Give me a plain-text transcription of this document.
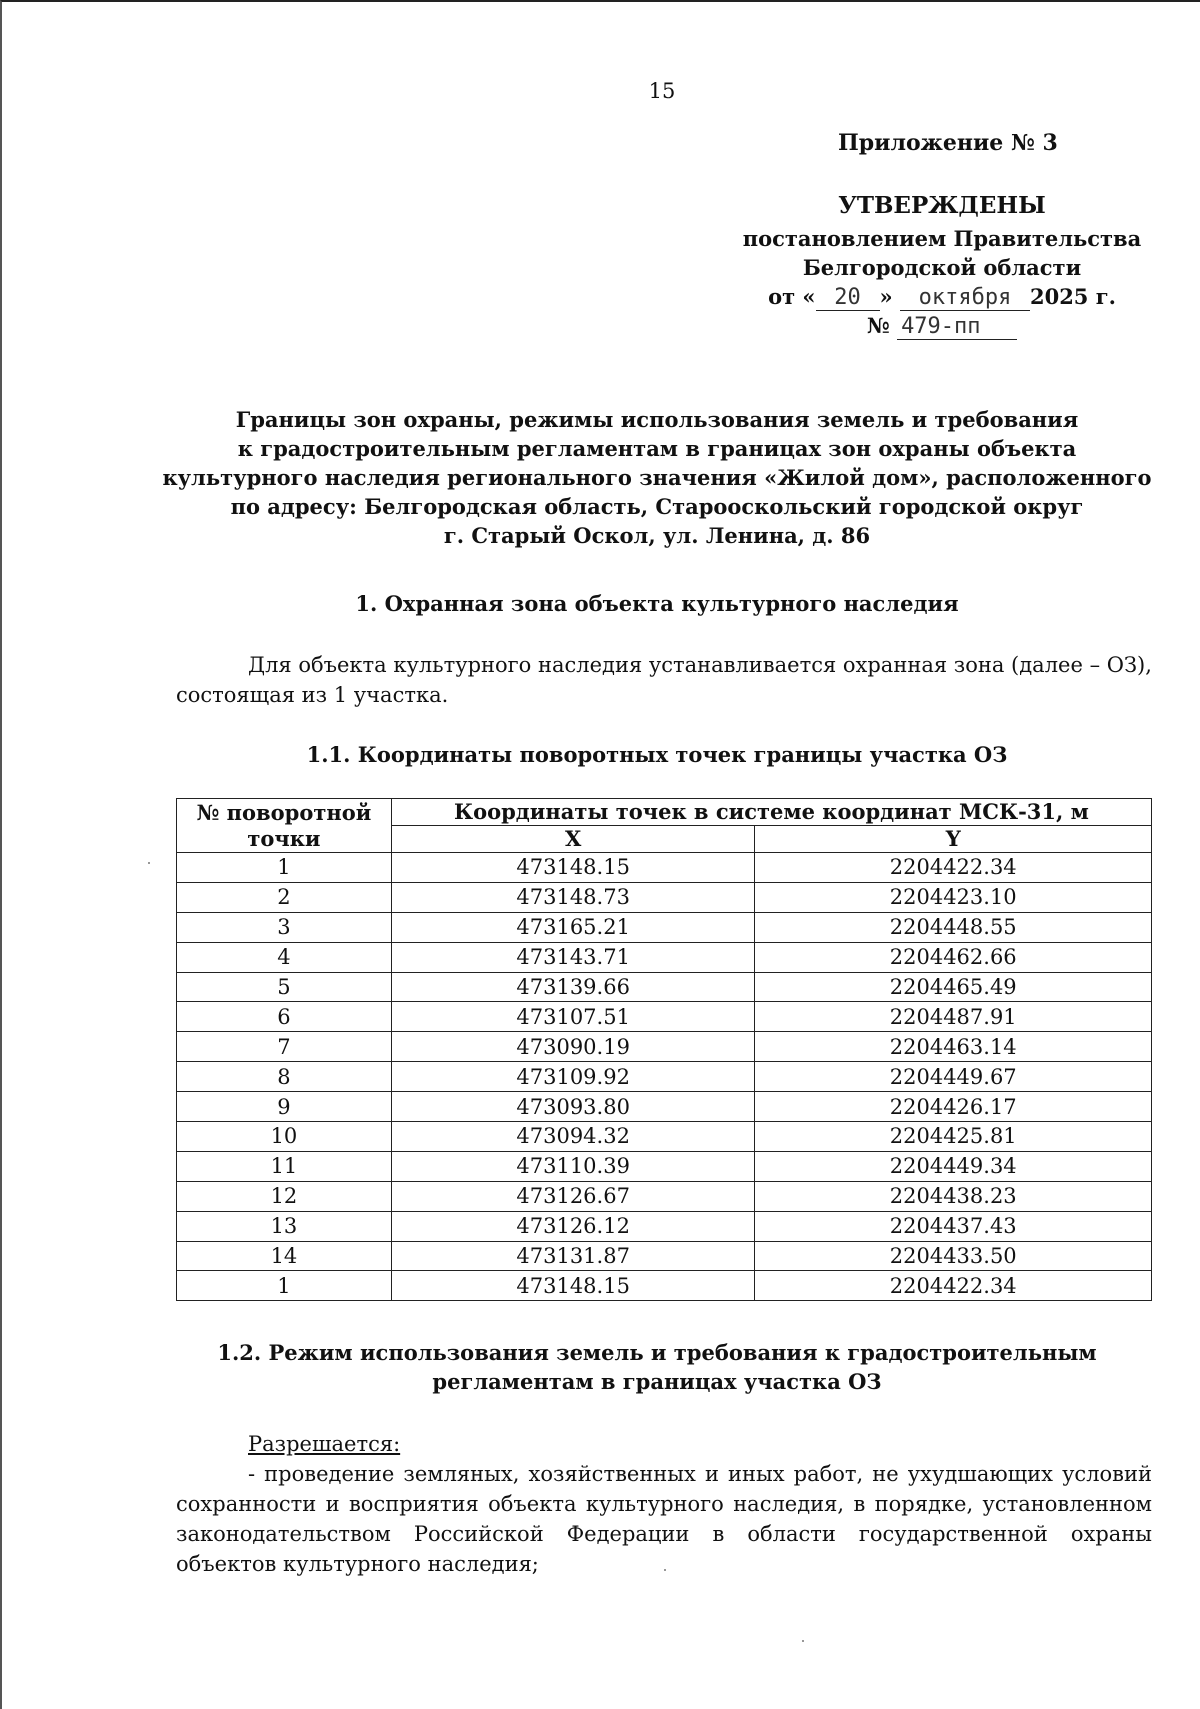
15
Приложение № 3
УТВЕРЖДЕНЫ
постановлением Правительства
Белгородской области
от « 20 » октября 2025 г.
№ 479-пп
Границы зон охраны, режимы использования земель и требования
к градостроительным регламентам в границах зон охраны объекта
культурного наследия регионального значения «Жилой дом», расположенного
по адресу: Белгородская область, Старооскольский городской округ
г. Старый Оскол, ул. Ленина, д. 86
1. Охранная зона объекта культурного наследия
Для объекта культурного наследия устанавливается охранная зона (далее – ОЗ),
состоящая из 1 участка.
1.1. Координаты поворотных точек границы участка ОЗ
№ поворотной точки	Координаты точек в системе координат МСК-31, м	
	X	Y
1	473148.15	2204422.34
2	473148.73	2204423.10
3	473165.21	2204448.55
4	473143.71	2204462.66
5	473139.66	2204465.49
6	473107.51	2204487.91
7	473090.19	2204463.14
8	473109.92	2204449.67
9	473093.80	2204426.17
10	473094.32	2204425.81
11	473110.39	2204449.34
12	473126.67	2204438.23
13	473126.12	2204437.43
14	473131.87	2204433.50
1	473148.15	2204422.34
1.2. Режим использования земель и требования к градостроительным
регламентам в границах участка ОЗ
Разрешается:
- проведение земляных, хозяйственных и иных работ, не ухудшающих условий сохранности и восприятия объекта культурного наследия, в порядке, установленном законодательством Российской Федерации в области государственной охраны объектов культурного наследия;
